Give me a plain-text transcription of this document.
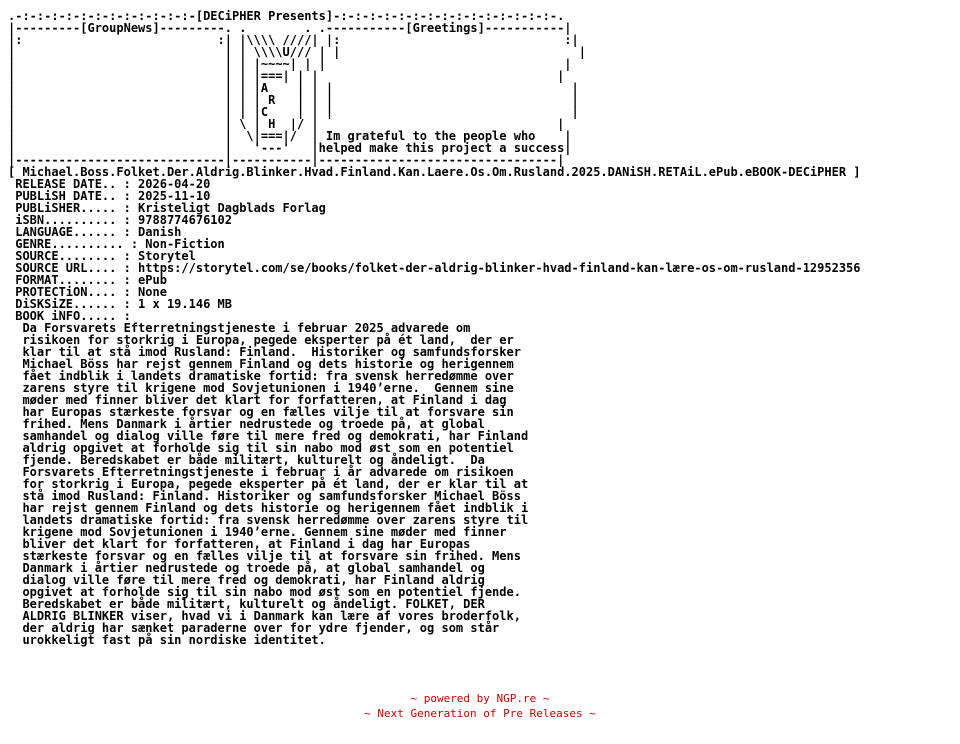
.-:-:-:-:-:-:-:-:-:-:-:-:-[DECiPHER Presents]-:-:-:-:-:-:-:-:-:-:-:-:-:-:-:-.
|---------[GroupNews]---------. .        . .-----------[Greetings]-----------|
|:                           :| |\\\\ ////| |:                               :|
|                             | | \\\\U/// | |                                 |
|                             | | |~~~~| | |                                 |
|                             | | |===| | |                                 |
|                             | | |A    | | |                                 |
|                             | | | R   | | |                                 |
|                             | | |C    | | |                                 |
|                             | \ | H  |/ |                                 |
|                             |  \|===|/  | Im grateful to the people who    |
|                             |   '---'   |helped make this project a success|
|-----------------------------|-----------|---------------------------------|
[ Michael.Boss.Folket.Der.Aldrig.Blinker.Hvad.Finland.Kan.Laere.Os.Om.Rusland.2025.DANiSH.RETAiL.ePub.eBOOK-DECiPHER ]
RELEASE DATE.. : 2026-04-20
PUBLiSH DATE.. : 2025-11-10
PUBLiSHER..... : Kristeligt Dagblads Forlag
iSBN.......... : 9788774676102
LANGUAGE...... : Danish
GENRE.......... : Non-Fiction
SOURCE........ : Storytel
SOURCE URL.... : https://storytel.com/se/books/folket-der-aldrig-blinker-hvad-finland-kan-lære-os-om-rusland-12952356
FORMAT........ : ePub
PROTECTiON.... : None
DiSKSiZE...... : 1 x 19.146 MB
BOOK iNFO..... :
Da Forsvarets Efterretningstjeneste i februar 2025 advarede om
risikoen for storkrig i Europa, pegede eksperter på ét land,  der er
klar til at stå imod Rusland: Finland.  Historiker og samfundsforsker
Michael Böss har rejst gennem Finland og dets historie og herigennem
fået indblik i landets dramatiske fortid: fra svensk herredømme over
zarens styre til krigene mod Sovjetunionen i 1940’erne.  Gennem sine
møder med finner bliver det klart for forfatteren, at Finland i dag
har Europas stærkeste forsvar og en fælles vilje til at forsvare sin
frihed. Mens Danmark i årtier nedrustede og troede på, at global
samhandel og dialog ville føre til mere fred og demokrati, har Finland
aldrig opgivet at forholde sig til sin nabo mod øst som en potentiel
fjende. Beredskabet er både militært, kulturelt og åndeligt.  Da
Forsvarets Efterretningstjeneste i februar i år advarede om risikoen
for storkrig i Europa, pegede eksperter på ét land, der er klar til at
stå imod Rusland: Finland. Historiker og samfundsforsker Michael Böss
har rejst gennem Finland og dets historie og herigennem fået indblik i
landets dramatiske fortid: fra svensk herredømme over zarens styre til
krigene mod Sovjetunionen i 1940’erne. Gennem sine møder med finner
bliver det klart for forfatteren, at Finland i dag har Europas
stærkeste forsvar og en fælles vilje til at forsvare sin frihed. Mens
Danmark i årtier nedrustede og troede på, at global samhandel og
dialog ville føre til mere fred og demokrati, har Finland aldrig
opgivet at forholde sig til sin nabo mod øst som en potentiel fjende.
Beredskabet er både militært, kulturelt og åndeligt. FOLKET, DER
ALDRIG BLINKER viser, hvad vi i Danmark kan lære af vores broderfolk,
der aldrig har sænket paraderne over for ydre fjender, og som står
urokkeligt fast på sin nordiske identitet.
~ powered by NGP.re ~
~ Next Generation of Pre Releases ~
